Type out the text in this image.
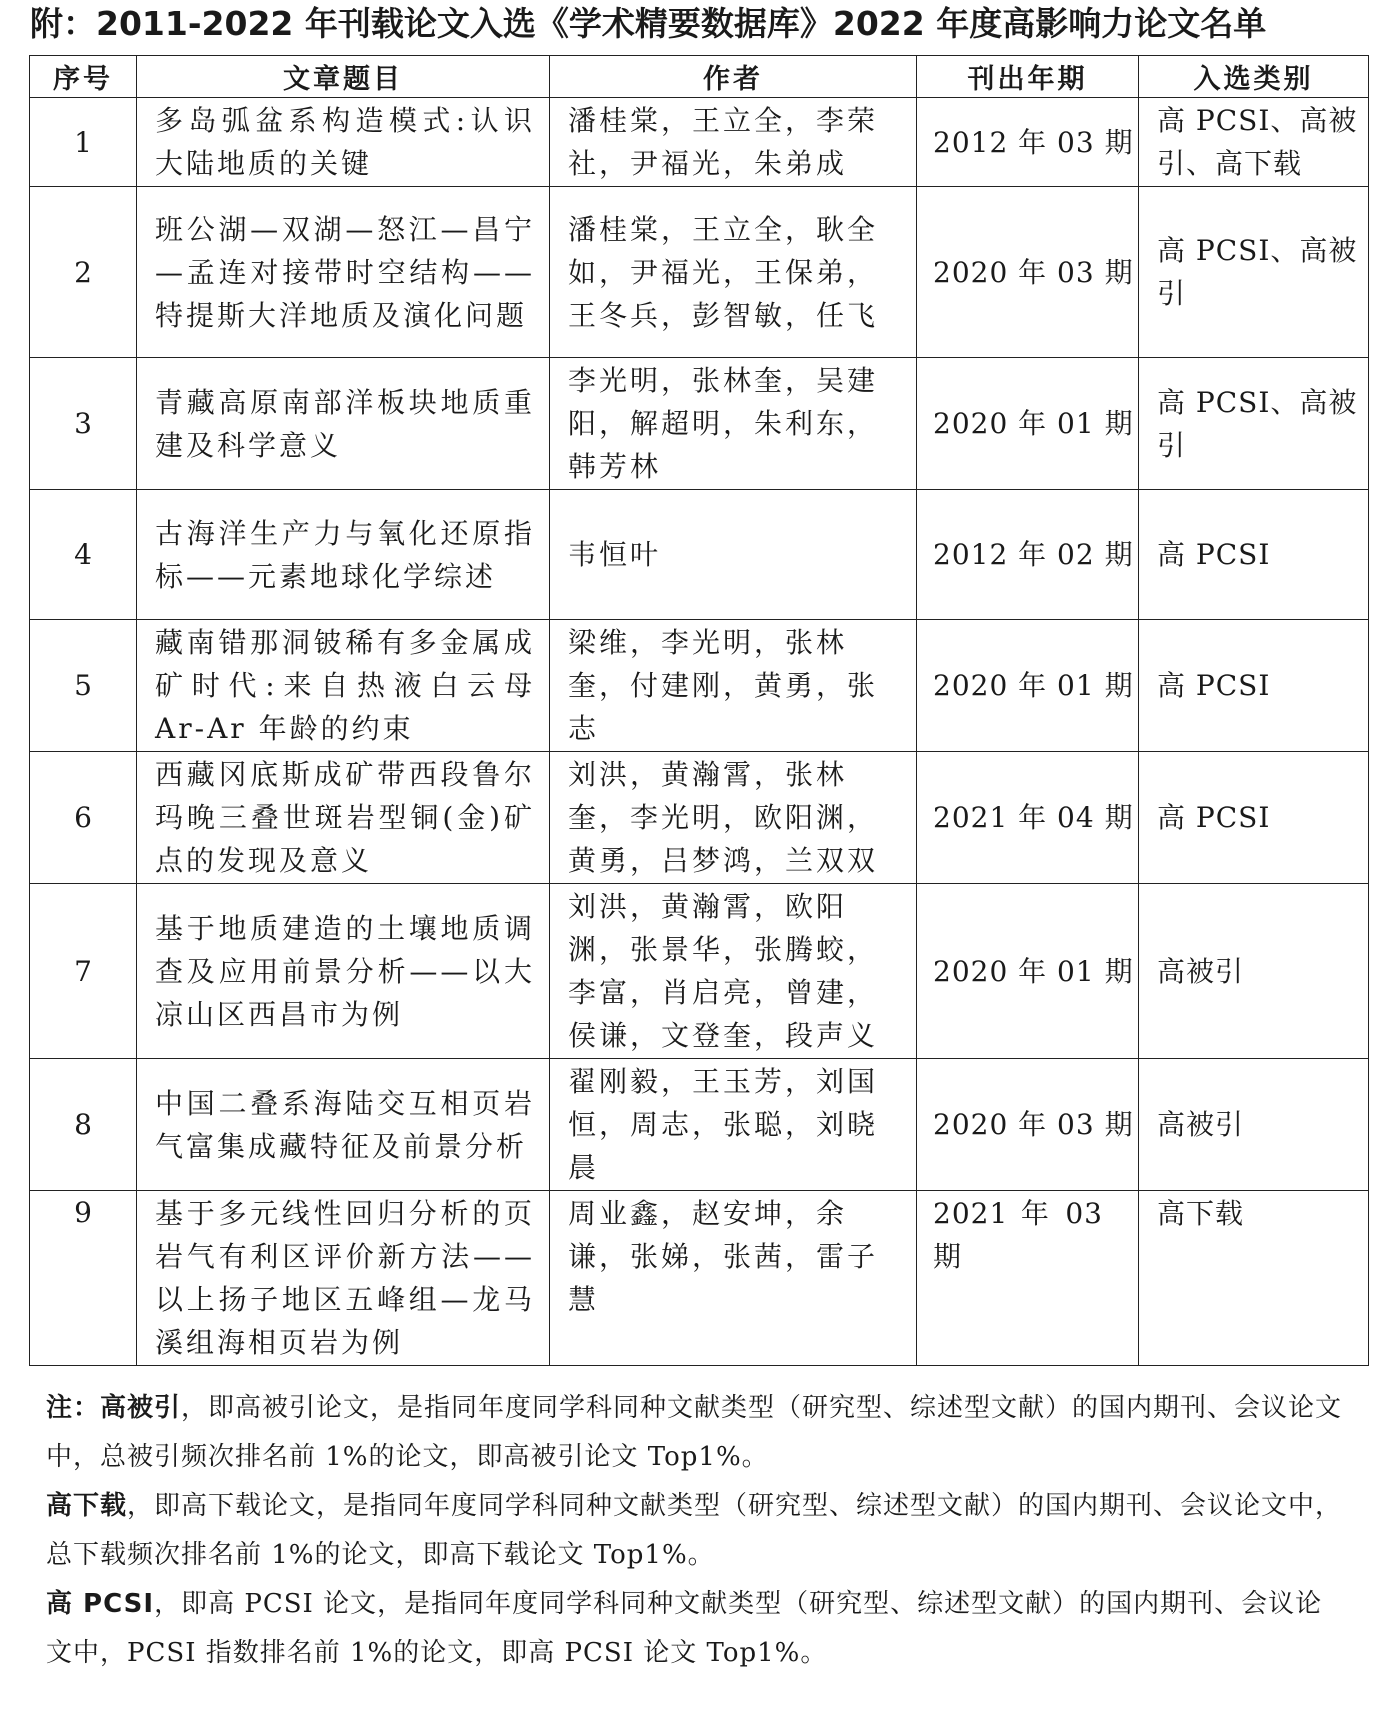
附：2011-2022 年刊载论文入选《学术精要数据库》2022 年度高影响力论文名单
序号	文章题目	作者	刊出年期	入选类别
1	多岛弧盆系构造模式:认识大陆地质的关键	潘桂棠，王立全，李荣社，尹福光，朱弟成	2012 年 03 期	高 PCSI、高被引、高下载
2	班公湖—双湖—怒江—昌宁—孟连对接带时空结构——特提斯大洋地质及演化问题	潘桂棠，王立全，耿全如，尹福光，王保弟，王冬兵，彭智敏，任飞	2020 年 03 期	高 PCSI、高被引
3	青藏高原南部洋板块地质重建及科学意义	李光明，张林奎，吴建阳，解超明，朱利东，韩芳林	2020 年 01 期	高 PCSI、高被引
4	古海洋生产力与氧化还原指标——元素地球化学综述	韦恒叶	2012 年 02 期	高 PCSI
5	藏南错那洞铍稀有多金属成矿时代:来自热液白云母 Ar-Ar 年龄的约束	梁维，李光明，张林奎，付建刚，黄勇，张志	2020 年 01 期	高 PCSI
6	西藏冈底斯成矿带西段鲁尔玛晚三叠世斑岩型铜(金)矿点的发现及意义	刘洪，黄瀚霄，张林奎，李光明，欧阳渊，黄勇，吕梦鸿，兰双双	2021 年 04 期	高 PCSI
7	基于地质建造的土壤地质调查及应用前景分析——以大凉山区西昌市为例	刘洪，黄瀚霄，欧阳渊，张景华，张腾蛟，李富，肖启亮，曾建，侯谦，文登奎，段声义	2020 年 01 期	高被引
8	中国二叠系海陆交互相页岩气富集成藏特征及前景分析	翟刚毅，王玉芳，刘国恒，周志，张聪，刘晓晨	2020 年 03 期	高被引
9	基于多元线性回归分析的页岩气有利区评价新方法——以上扬子地区五峰组—龙马溪组海相页岩为例	周业鑫，赵安坤，余谦，张娣，张茜，雷子慧	2021 年 03 期	高下载

注：高被引，即高被引论文，是指同年度同学科同种文献类型（研究型、综述型文献）的国内期刊、会议论文中，总被引频次排名前 1%的论文，即高被引论文 Top1%。

高下载，即高下载论文，是指同年度同学科同种文献类型（研究型、综述型文献）的国内期刊、会议论文中，总下载频次排名前 1%的论文，即高下载论文 Top1%。

高 PCSI，即高 PCSI 论文，是指同年度同学科同种文献类型（研究型、综述型文献）的国内期刊、会议论文中，PCSI 指数排名前 1%的论文，即高 PCSI 论文 Top1%。
